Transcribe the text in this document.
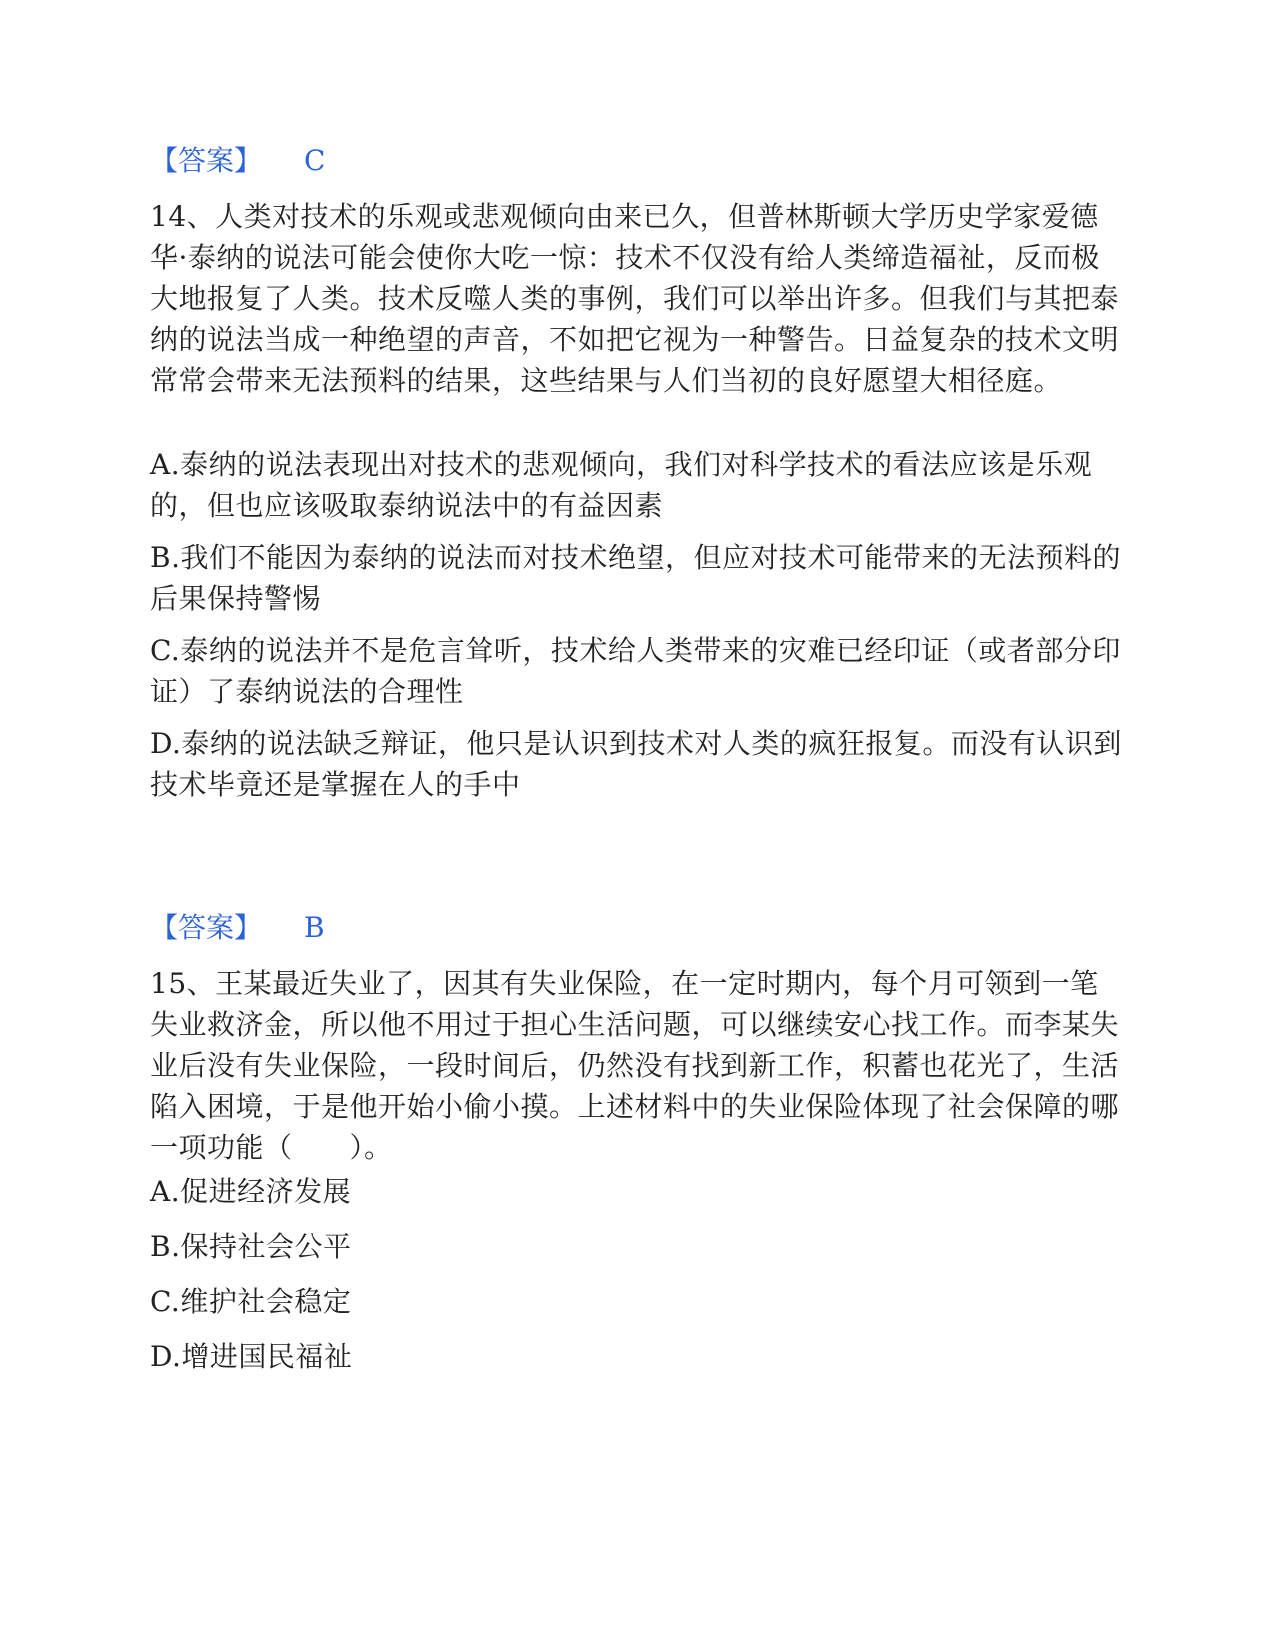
【答案】 C

14、人类对技术的乐观或悲观倾向由来已久，但普林斯顿大学历史学家爱德华·泰纳的说法可能会使你大吃一惊：技术不仅没有给人类缔造福祉，反而极大地报复了人类。技术反噬人类的事例，我们可以举出许多。但我们与其把泰纳的说法当成一种绝望的声音，不如把它视为一种警告。日益复杂的技术文明常常会带来无法预料的结果，这些结果与人们当初的良好愿望大相径庭。

A.泰纳的说法表现出对技术的悲观倾向，我们对科学技术的看法应该是乐观的，但也应该吸取泰纳说法中的有益因素

B.我们不能因为泰纳的说法而对技术绝望，但应对技术可能带来的无法预料的后果保持警惕

C.泰纳的说法并不是危言耸听，技术给人类带来的灾难已经印证（或者部分印证）了泰纳说法的合理性

D.泰纳的说法缺乏辩证，他只是认识到技术对人类的疯狂报复。而没有认识到技术毕竟还是掌握在人的手中

【答案】 B

15、王某最近失业了，因其有失业保险，在一定时期内，每个月可领到一笔失业救济金，所以他不用过于担心生活问题，可以继续安心找工作。而李某失业后没有失业保险，一段时间后，仍然没有找到新工作，积蓄也花光了，生活陷入困境，于是他开始小偷小摸。上述材料中的失业保险体现了社会保障的哪一项功能（　　）。

A.促进经济发展

B.保持社会公平

C.维护社会稳定

D.增进国民福祉
